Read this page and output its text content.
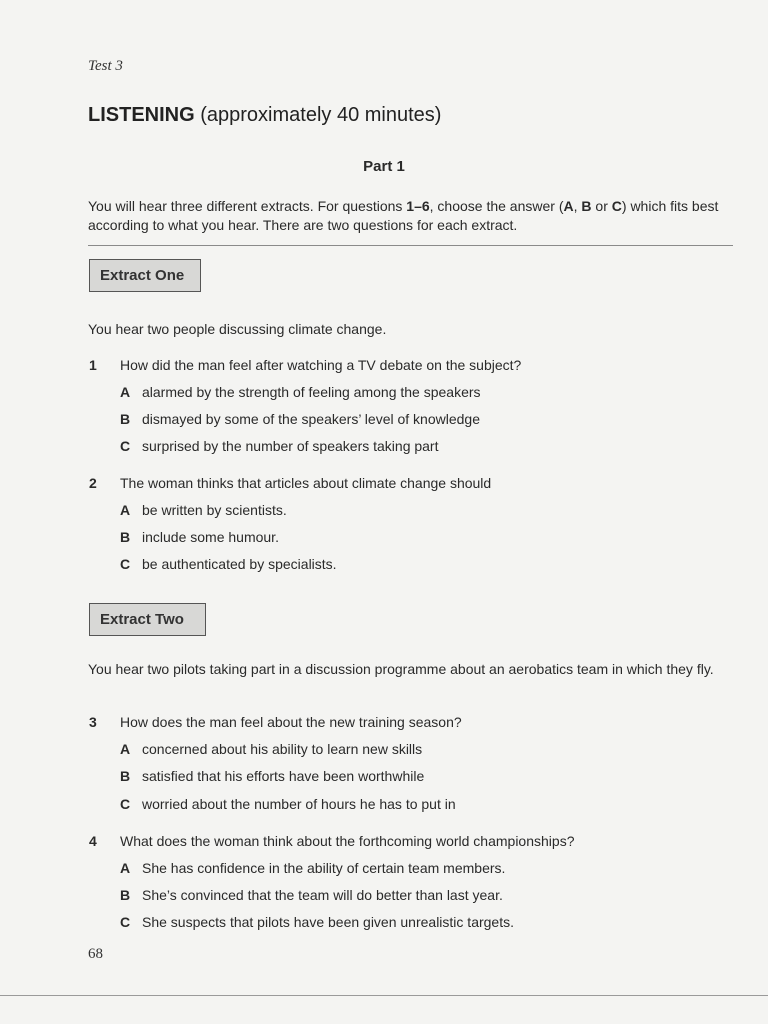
Test 3
LISTENING (approximately 40 minutes)
Part 1
You will hear three different extracts. For questions 1–6, choose the answer (A, B or C) which fits best according to what you hear. There are two questions for each extract.
Extract One
You hear two people discussing climate change.
1 How did the man feel after watching a TV debate on the subject?
A alarmed by the strength of feeling among the speakers
B dismayed by some of the speakers’ level of knowledge
C surprised by the number of speakers taking part
2 The woman thinks that articles about climate change should
A be written by scientists.
B include some humour.
C be authenticated by specialists.
Extract Two
You hear two pilots taking part in a discussion programme about an aerobatics team in which they fly.
3 How does the man feel about the new training season?
A concerned about his ability to learn new skills
B satisfied that his efforts have been worthwhile
C worried about the number of hours he has to put in
4 What does the woman think about the forthcoming world championships?
A She has confidence in the ability of certain team members.
B She’s convinced that the team will do better than last year.
C She suspects that pilots have been given unrealistic targets.
68
